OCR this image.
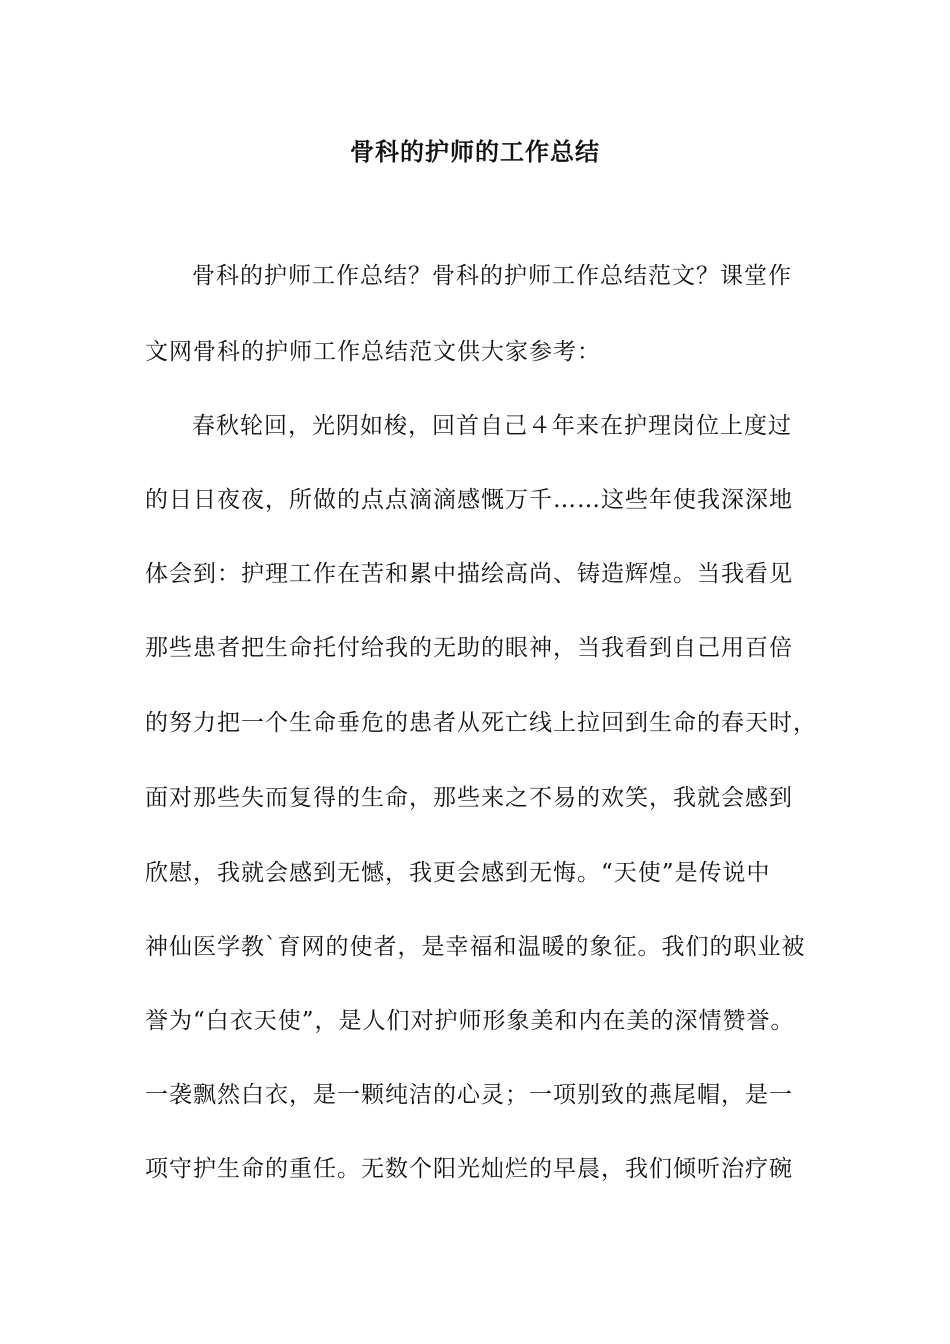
骨科的护师的工作总结
骨科的护师工作总结？骨科的护师工作总结范文？课堂作
文网骨科的护师工作总结范文供大家参考：
春秋轮回，光阴如梭，回首自己４年来在护理岗位上度过
的日日夜夜，所做的点点滴滴感慨万千……这些年使我深深地
体会到：护理工作在苦和累中描绘高尚、铸造辉煌。当我看见
那些患者把生命托付给我的无助的眼神，当我看到自己用百倍
的努力把一个生命垂危的患者从死亡线上拉回到生命的春天时，
面对那些失而复得的生命，那些来之不易的欢笑，我就会感到
欣慰，我就会感到无憾，我更会感到无悔。“天使”是传说中
神仙医学教`育网的使者，是幸福和温暖的象征。我们的职业被
誉为“白衣天使”，是人们对护师形象美和内在美的深情赞誉。
一袭飘然白衣，是一颗纯洁的心灵；一项别致的燕尾帽，是一
项守护生命的重任。无数个阳光灿烂的早晨，我们倾听治疗碗
